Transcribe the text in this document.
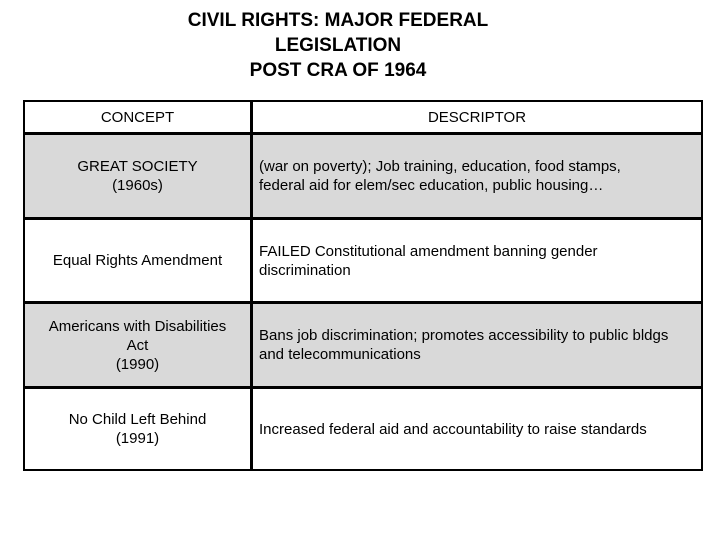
CIVIL RIGHTS: MAJOR FEDERAL
LEGISLATION
POST CRA OF 1964
CONCEPT	DESCRIPTOR
GREAT SOCIETY
(1960s)
(war on poverty); Job training, education, food stamps,
federal aid for elem/sec education, public housing…
Equal Rights Amendment
FAILED Constitutional amendment banning gender
discrimination
Americans with Disabilities
Act
(1990)
Bans job discrimination; promotes accessibility to public bldgs
and telecommunications
No Child Left Behind
(1991)
Increased federal aid and accountability to raise standards
